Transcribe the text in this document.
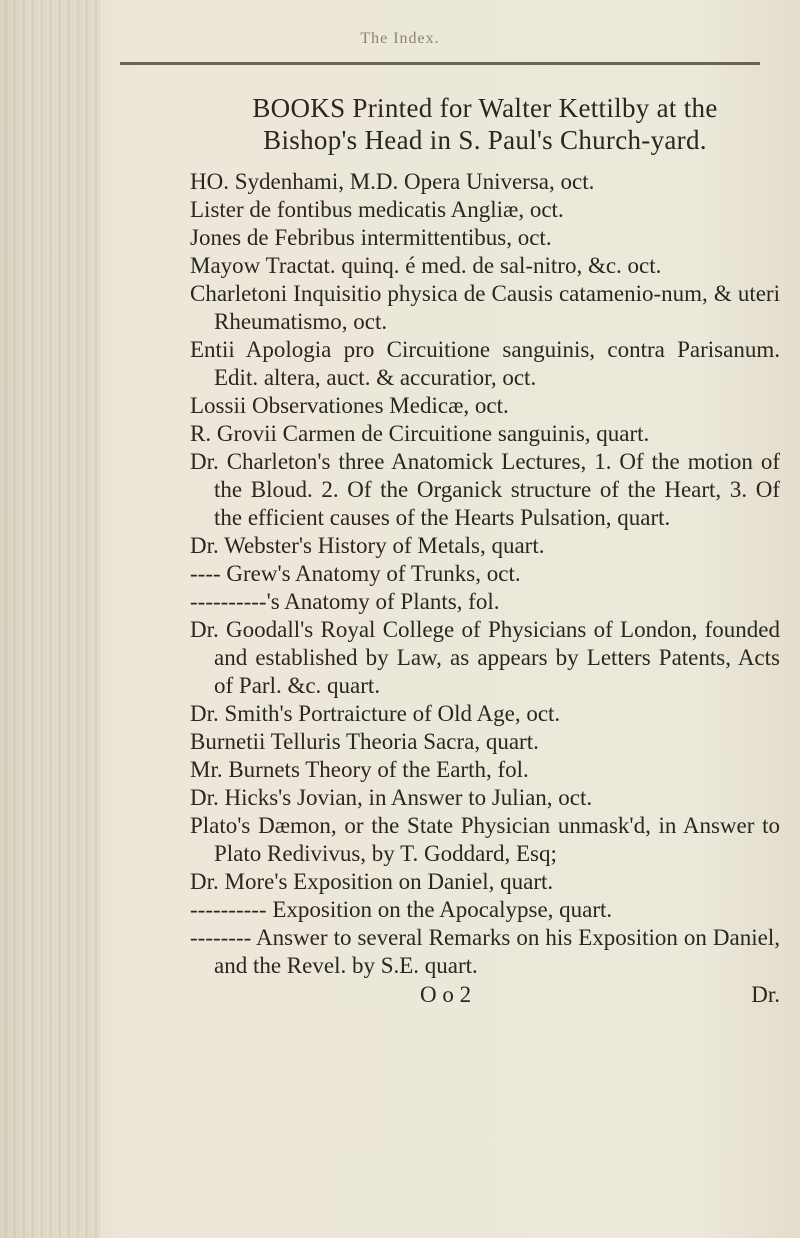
The Index.
BOOKS Printed for Walter Kettilby at the
Bishop's Head in S. Paul's Church-yard.

HO. Sydenhami, M.D. Opera Universa, oct.

Lister de fontibus medicatis Angliæ, oct.

Jones de Febribus intermittentibus, oct.

Mayow Tractat. quinq. é med. de sal-nitro, &c. oct.

Charletoni Inquisitio physica de Causis catamenio-num, & uteri Rheumatismo, oct.

Entii Apologia pro Circuitione sanguinis, contra Parisanum. Edit. altera, auct. & accuratior, oct.

Lossii Observationes Medicæ, oct.

R. Grovii Carmen de Circuitione sanguinis, quart.

Dr. Charleton's three Anatomick Lectures, 1. Of the motion of the Bloud. 2. Of the Organick structure of the Heart, 3. Of the efficient causes of the Hearts Pulsation, quart.

Dr. Webster's History of Metals, quart.

---- Grew's Anatomy of Trunks, oct.

----------'s Anatomy of Plants, fol.

Dr. Goodall's Royal College of Physicians of London, founded and established by Law, as appears by Letters Patents, Acts of Parl. &c. quart.

Dr. Smith's Portraicture of Old Age, oct.

Burnetii Telluris Theoria Sacra, quart.

Mr. Burnets Theory of the Earth, fol.

Dr. Hicks's Jovian, in Answer to Julian, oct.

Plato's Dæmon, or the State Physician unmask'd, in Answer to Plato Redivivus, by T. Goddard, Esq;

Dr. More's Exposition on Daniel, quart.

---------- Exposition on the Apocalypse, quart.

-------- Answer to several Remarks on his Exposition on Daniel, and the Revel. by S.E. quart.

O o 2	Dr.
